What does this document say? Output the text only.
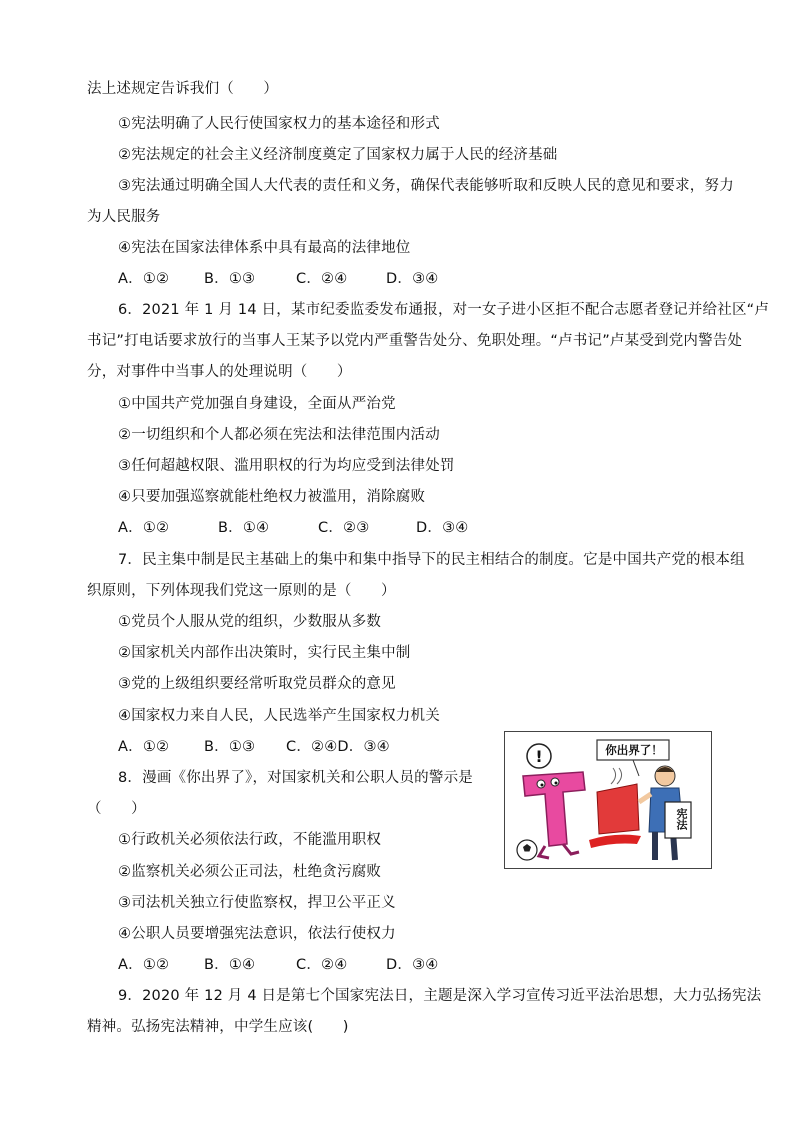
法上述规定告诉我们（　　）
①宪法明确了人民行使国家权力的基本途径和形式
②宪法规定的社会主义经济制度奠定了国家权力属于人民的经济基础
③宪法通过明确全国人大代表的责任和义务，确保代表能够听取和反映人民的意见和要求，努力
为人民服务
④宪法在国家法律体系中具有最高的法律地位
A．①② B．①③	C．②④	D．③④
6．2021 年 1 月 14 日，某市纪委监委发布通报，对一女子进小区拒不配合志愿者登记并给社区“卢
书记”打电话要求放行的当事人王某予以党内严重警告处分、免职处理。“卢书记”卢某受到党内警告处
分，对事件中当事人的处理说明（　　）
①中国共产党加强自身建设，全面从严治党
②一切组织和个人都必须在宪法和法律范围内活动
③任何超越权限、滥用职权的行为均应受到法律处罚
④只要加强巡察就能杜绝权力被滥用，消除腐败
A．①②	B．①④	C．②③	D．③④
7．民主集中制是民主基础上的集中和集中指导下的民主相结合的制度。它是中国共产党的根本组
织原则，下列体现我们党这一原则的是（　　）
①党员个人服从党的组织，少数服从多数
②国家机关内部作出决策时，实行民主集中制
③党的上级组织要经常听取党员群众的意见
④国家权力来自人民，人民选举产生国家权力机关
A．①② B．①③ C．②④D．③④
8．漫画《你出界了》，对国家机关和公职人员的警示是
（　　）
①行政机关必须依法行政，不能滥用职权
②监察机关必须公正司法，杜绝贪污腐败
③司法机关独立行使监察权，捍卫公平正义
④公职人员要增强宪法意识，依法行使权力
A．①② B．①④	C．②④	D．③④
9．2020 年 12 月 4 日是第七个国家宪法日，主题是深入学习宣传习近平法治思想，大力弘扬宪法
精神。弘扬宪法精神，中学生应该(　　)
!	你出界了！
宪法
